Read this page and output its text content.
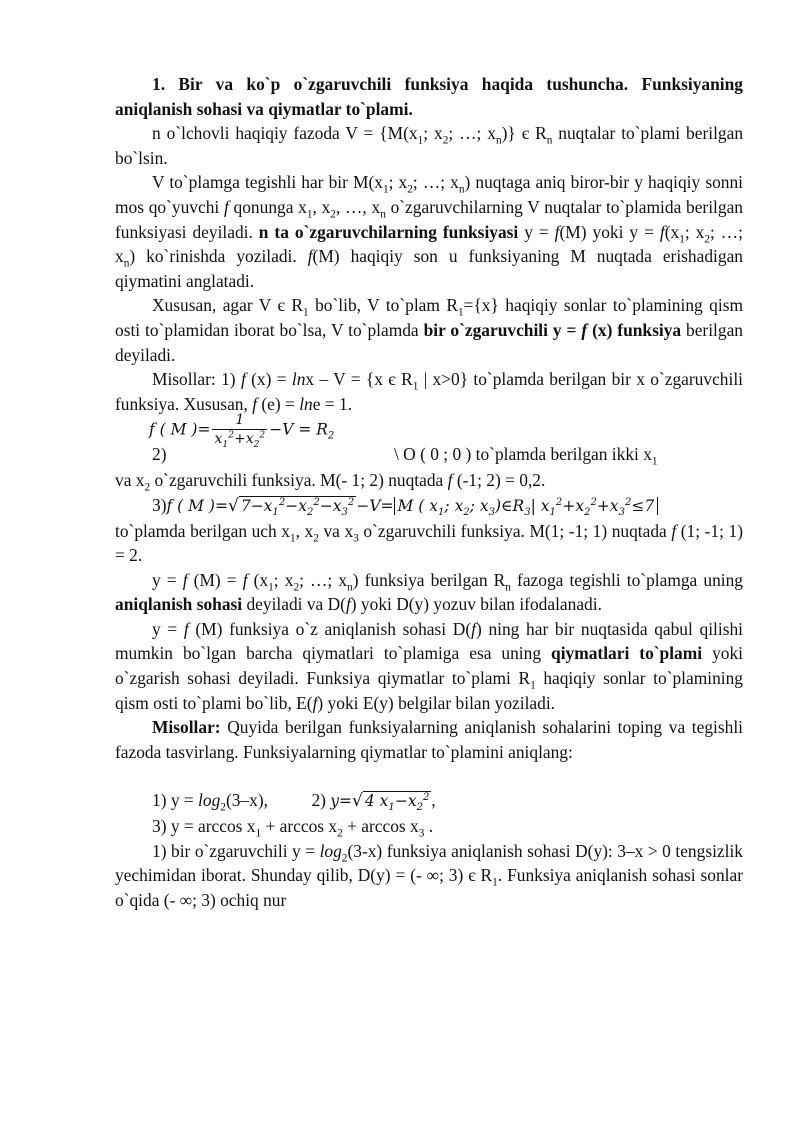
1. Bir va ko`p o`zgaruvchili funksiya haqida tushuncha. Funksiyaning aniqlanish sohasi va qiymatlar to`plami.

n o`lchovli haqiqiy fazoda $V = \{M(x_1$; $x_2$; …; $x_n$)} є $R_n$ nuqtalar to`plami berilgan bo`lsin.

V to`plamga tegishli har bir $M(x_1$; $x_2$; …; $x_n$) nuqtaga aniq biror-bir y haqiqiy sonni mos qo`yuvchi f qonunga $x_1$, $x_2$, …, $x_n$ o`zgaruvchilarning V nuqtalar to`plamida berilgan funksiyasi deyiladi. n ta o`zgaruvchilarning funksiyasi y = f(M) yoki $y = f(x_1$; $x_2$; …; $x_n$) ko`rinishda yoziladi. f(M) haqiqiy son u funksiyaning M nuqtada erishadigan qiymatini anglatadi.

Xususan, agar V є $R_1$ bo`lib, V to`plam $R_1=\{x\}$ haqiqiy sonlar to`plamining qism osti to`plamidan iborat bo`lsa, V to`plamda bir o`zgaruvchili y = f (x) funksiya berilgan deyiladi.

Misollar: 1) f (x) = lnx – V = {x є $R_1$ | x>0} to`plamda berilgan bir x o`zgaruvchili funksiya. Xususan, f (e) = lne = 1.

f ( M )= $\frac{1}{x_1^2+x_2^2} -V = R_2$
2)	\ O ( 0 ; 0 ) to`plamda berilgan ikki $x_1$

va $x_2$ o`zgaruvchili funksiya. M(- 1; 2) nuqtada f (-1; 2) = 0,2.

3)f ( M )=√ $7-x_1^2-x_2^2-x_3^2 -V= M$ ( $x_1$; $x_2$; $x_3)\in R_3|$ $x_1^2+x_2^2+x_3^2\le 7$

to`plamda berilgan uch $x_1$, $x_2$ va $x_3$ o`zgaruvchili funksiya. M(1; -1; 1) nuqtada f (1; -1; 1) = 2.

y = f (M) = f ($x_1$; $x_2$; …; $x_n$) funksiya berilgan $R_n$ fazoga tegishli to`plamga uning aniqlanish sohasi deyiladi va D(f) yoki D(y) yozuv bilan ifodalanadi.

y = f (M) funksiya o`z aniqlanish sohasi D(f) ning har bir nuqtasida qabul qilishi mumkin bo`lgan barcha qiymatlari to`plamiga esa uning qiymatlari to`plami yoki o`zgarish sohasi deyiladi. Funksiya qiymatlar to`plami $R_1$ haqiqiy sonlar to`plamining qism osti to`plami bo`lib, E(f) yoki E(y) belgilar bilan yoziladi.

Misollar: Quyida berilgan funksiyalarning aniqlanish sohalarini toping va tegishli fazoda tasvirlang. Funksiyalarning qiymatlar to`plamini aniqlang:

1) $y = \log_2(3-x)$, 2) y=√ 4 $x_1-x_2^2$ ,

3) $y = \arccos x_1 + \arccos x_2 + \arccos x_3$ .

1) bir o`zgaruvchili $y = \log_2(3-x)$ funksiya aniqlanish sohasi D(y): 3–x > 0 tengsizlik yechimidan iborat. Shunday qilib, D(y) = (- ∞; 3) є $R_1$. Funksiya aniqlanish sohasi sonlar o`qida (- ∞; 3) ochiq nur
